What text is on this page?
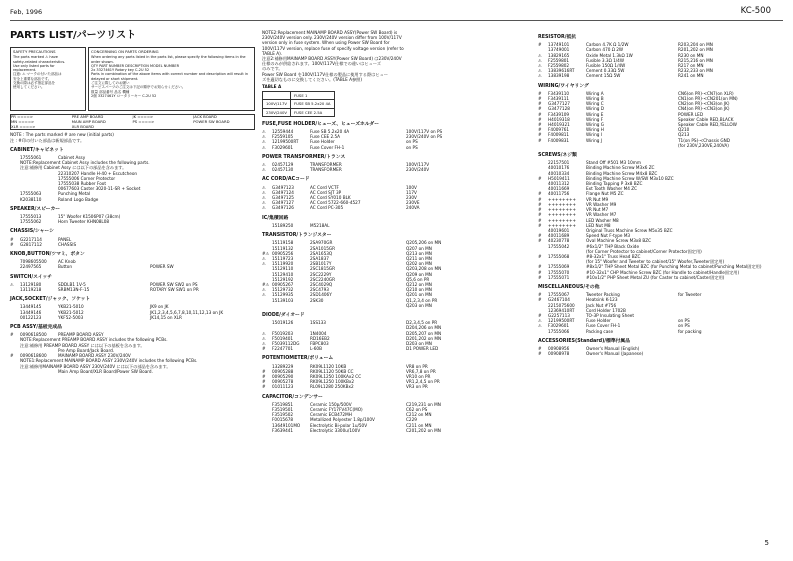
Feb, 1996	KC-500
5
PARTS LIST/パーツリスト
SAFETY PRECAUTIONS
The parts marked ⚠ have
safety-related characteristics.
Use only listed parts for
replacement.
注意: ⚠ マークの付いた部品は
安全上重要な部品です。
交換の際は必ず指定部品を
使用してください。
CONCERNING ON PARTS ORDERING
When ordering any parts listed in the parts list, please specify the following items in the order shown.
QTY PART NUMBER DESCRIPTION MODEL NUMBER
2x 3327461Y Rotary key C-2U 52
Parts in combination of the above items with correct number and description will result in delayed or short shipment.
ご注文に際してのお願い
サービスパーツのご注文は下記の順序でお知らせください。
数量 部品番号 品名 機種
2個 3327461Y ロータリーキー C-2U 52
PR ====>	PRE AMP BOARD	JK ====>	JACK BOARD
MN ====>	MAIN AMP BOARD	PS ====>	POWER SW BOARD
XLR ====>	XLR BOARD
NOTE : The parts marked # are new (initial parts)
注 : #印の付いた部品は新規部品です。
CABINET/キャビネット
17555061	Cabinet Assy
NOTE:Replacement Cabinet Assy includes the following parts.
注意:補修用 Cabinet Assy には以下の部品を含みます。
22310207 Handle H-40 + Escutcheon
17555006 Corner Protector
17555038 Rubber Foot
00677603 Caster 3020-11-SR + Socket
17555063	Punching Metal
K2038110	Roland Logo Badge
SPEAKER/スピーカー
17555013	15" Woofer K1506P07 (38cm)
17555062	Horn Tweeter KHN08L08
CHASSIS/シャーシ
#	G2217114	PANEL
#	G2817112	CHASSIS
KNOB,BUTTON/ツマミ、ボタン
7098605500	AC Knob
22497565	Button	POWER SW
SWITCH/スイッチ
⚠	13129180	SDDLB1 1V-5	POWER SW SW2 on PS
13119218	SRBM13N-F-15	ROTARY SW SW1 on PR
JACK,SOCKET/ジャック、ソケット
13449145	YKB21-5010	JK9 on JK
13449146	YKB21-5012	JK1,2,3,4,5,6,7,8,10,11,12,13 on JK
00122123	YKF52-5003	JK14,15 on XLR
PCB ASSY/基板完成品
#	0090618500	PREAMP BOARD ASSY
NOTE:Replacement PREAMP BOARD ASSY includes the following PCBs.
注意:補修用 PREAMP BOARD ASSY には以下の基板を含みます。
Pre Amp Board/Jack Board.
#	0090618600	MAINAMP BOARD ASSY 230V/240V
NOTE1:Replacement MAINAMP BOARD ASSY 230V/240V includes the following PCBs.
注意:補修用MAINAMP BOARD ASSY 230V/240V には以下の部品を含みます。
Main Amp Board/XLR Board/Power SW Board.
NOTE2:Replacement MAINAMP BOARD ASSY(Power SW Board) is
230V/240V version only. 230V/240V version differ from 100V/117V
version only in fuse system. When using Power SW Board for
100V/117V version, replace fuse of specify voltage version (refer to
TABLE A).
注意2:補修用MAINAMP BOARD ASSY(Power SW Board) は230V/240V
仕様のみが供給されます。100V/117V仕様での違いはヒューズ
のみです。
Power SW Board を100V/117V仕様の製品に使用する際はヒュー
ズを適切なものに交換してください。(TABLE A参照)
TABLE A
	FUSE 1
100V/117V	FUSE SB 5.2x20 4A
230V/240V	FUSE CEE 2.5A
FUSE,FUSE HOLDER/ヒューズ、ヒューズホルダー
⚠	12559444	Fuse SB 5.2x20 4A	100V/117V on PS
⚠	F2559105	Fuse CEE 2.5A	230V/240V on PS
⚠	12199500RT	Fuse Holder	on PS
⚠	F3029601	Fuse Cover FH-1	on PS
POWER TRANSFORMER/トランス
⚠	02457129	TRANSFORMER	100V/117V
⚠	02457130	TRANSFORMER	230V/240V
AC CORD/ACコード
⚠	G3497123	AC Cord VCTF	100V
⚠	G3497124	AC Cord SJT 3P	117V
⚠	G3497125	AC Cord SY010 BLK	230V
⚠	G3497127	AC Cord 5722-660-4527	230VE
⚠	G3497126	AC Cord PC-305	240VA
IC/集積回路
15189250	M5218AL
TRANSISTOR/トランジスター
15119158	2SA970GR	Q205,206 on MN
15119132	2SA1015GR	Q207 on MN
#⚠ 00905256	2SA1653Q	Q213 on MN
⚠	15119723	2SA1837	Q211 on MN
⚠	15119920	2SB1017Y	Q202 on MN
15129110	2SC1815GR	Q203,208 on MN
15129410	2SC2229Y	Q209 on MN
15129192	2SC2240GR	Q5,6 on PR
#⚠ 00905267	2SC4029Q	Q212 on MN
⚠	15129732	2SC4793	Q210 on MN
⚠	15129935	2SD1406Y	Q201 on MN
15139103	2SK30	Q1,2,3,4 on PR
Q203 on MN
DIODE/ダイオード
15019126	1SS133	D2,3,4,5 on PR
D204,206 on MN
⚠	F5019203	1N4004	D205,207 on MN
⚠	F5019401	RD16EB2	D201,202 on MN
⚠	F5039112DG	FBPC803	D203 on MN
#	F2247701	L-60B	D1 POWER LED
POTENTIOMETER/ボリューム
13289229	RK09L1120 10KB	VR8 on PR
#	00905288	RK09L1120 50KB CC	VR6,7,8 on PR
#	00905290	RK09L1250 100KAx2 CC	VR10 on PR
#	00905278	RK09L1250 100KBx2	VR1,2,4,5 on PR
#	01011123	RL09L1280 250KBx2	VR3 on PR
CAPACITOR/コンデンサー
F3519851	Ceramic 150p/500V	C219,231 on MN
F3519501	Ceramic FY17FV47C(MO)	C62 on PS
F3519502	Ceramic ECB472MH	C212 on MN
F0015678	Metallized Polyester 1.8p/100V	C229
13649101MO	Electrolytic Bi-polar 1u/50V	C211 on MN
F3639441	Electrolytic 3300u/100V	C201,202 on MN
RESISTOR/抵抗
#	13749101	Carbon 4.7K Ω 1/2W	R203,204 on MN
13749001	Carbon 470 Ω 2W	R201,202 on MN
⚠	13829165	Oxide Metal 1.3kΩ 1W	R230 on MN
⚠	F2559801	Fusible 3.3Ω 1/4W	R215,216 on MN
⚠	F2559802	Fusible 150Ω 1/4W	R217 on MN
⚠	13839616RT	Cement 0.33Ω 5W	R232,233 on MN
⚠	13839198	Cement 15Ω 5W	R241 on MN
WIRING/ワイヤリング
#	F3439110	Wiring A	CN6(on PR)-<CN7(on XLR)
#	F3439111	Wiring B	CN1(on PR)-<CN201(on MN)
#	G3477127	Wiring C	CN2(on PR)-<CN3(on JK)
#	G3477128	Wiring D	CN4(on PR)-<CN3(on JK)
#	F3439109	Wiring E	POWER LED
#	H4019318	Wiring F	Speaker Cable RED,BLACK
#	H4019321	Wiring G	Speaker Cable RED,YELLOW
#	F4009761	Wiring H	Q210
#	F4009811	Wiring I	Q213
#	F4009831	Wiring J	T1(on PS)-<Chassis GND
(for 230V,230VE,240VA)
SCREWS/ネジ類
22157501	Stand Off #501 M3 10mm
40010176	Binding Machine Screw M3x6 ZC
40010334	Binding Machine Screw M4x8 BZC
#	H5019411	Binding Machine Screw W/SW M3x10 BZC
40011312	Binding Tapping P 3x8 BZC
40011669	Ext Tooth Washer M4 ZC
#	40011756	Flange Nut M5 ZC
#	++++++++	VR Nut M9
#	++++++++	VR Washer M9
#	++++++++	VR Nut M7
#	++++++++	VR Washer M7
#	++++++++	LED Washer M8
#	++++++++	LED Nut M8
40019601	Original Truss Machine Screw M5x35 BZC
#	40011689	Speed Nut F-type M3
#	40230778	Oval Machine Screw M3x8 BZC
17555042	#6x1/2" THP Black Oxide
(for Corner Protector to cabinet/Corner Protector固定用)
#	17555068	#8-32x1" Truss Head BZC
(for 15" Woofer and Tweeter to cabinet/15" Woofer,Tweeter固定用)
#	17555069	#8x1/2" THP Sheet Metal BZC (for Punching Metal to cabinet/Punching Metal固定用)
#	17555070	#10-32x1" CHP Machine Screw BZC (for Handle to cabinet/Handle固定用)
#	17555071	#10x1/2" PHP Sheet Metal ZU (for Caster to cabinet/Caster固定用)
MISCELLANEOUS/その他
#	17555067	Tweeter Packing	for Tweeter
#	G2467104	Heatsink K-123
2215075600	Jack Nut #756
12369410RT	Cord Holder 1702B
#	G2257113	TO-3P Insulating Sheet
⚠	12199500RT	Fuse Holder	on PS
⚠	F3029601	Fuse Cover FH-1	on PS
17555066	Packing case	for packing
ACCESSORIES(Standard)/標準付属品
#	00908956	Owner's Manual (English)
#	00908978	Owner's Manual (Japanese)
